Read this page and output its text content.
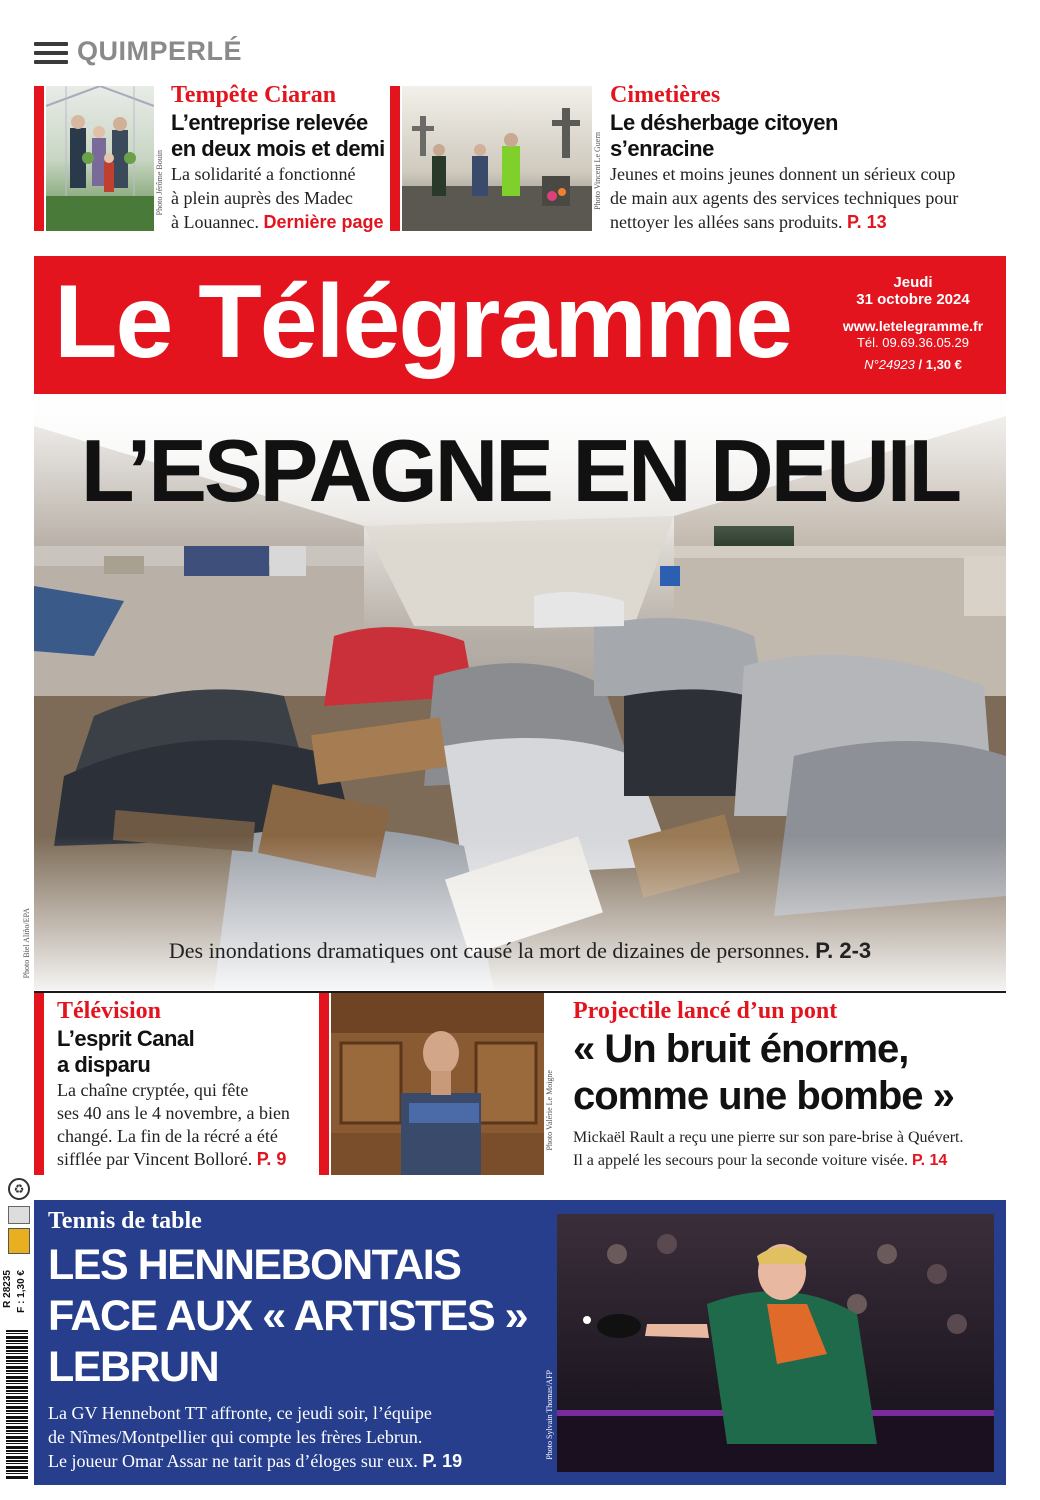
QUIMPERLÉ
Photo Jérôme Bouin
Tempête Ciaran
L’entreprise relevée
en deux mois et demi
La solidarité a fonctionné
à plein auprès des Madec
à Louannec. Dernière page
Photo Vincent Le Guern
Cimetières
Le désherbage citoyen
s’enracine
Jeunes et moins jeunes donnent un sérieux coup
de main aux agents des services techniques pour
nettoyer les allées sans produits. P. 13
Le Télégramme	Jeudi
31 octobre 2024
www.letelegramme.fr
Tél. 09.69.36.05.29
N°24923 / 1,30 €
L’ESPAGNE EN DEUIL
Des inondations dramatiques ont causé la mort de dizaines de personnes. P. 2-3
Photo Biel Aliño/EPA
Télévision
L’esprit Canal
a disparu
La chaîne cryptée, qui fête
ses 40 ans le 4 novembre, a bien
changé. La fin de la récré a été
sifflée par Vincent Bolloré. P. 9
Photo Valérie Le Moigne
Projectile lancé d’un pont
« Un bruit énorme,
comme une bombe »
Mickaël Rault a reçu une pierre sur son pare-brise à Quévert.
Il a appelé les secours pour la seconde voiture visée. P. 14
♻
R 28235 F : 1,30 €
Tennis de table
LES HENNEBONTAIS
FACE AUX « ARTISTES »
LEBRUN
La GV Hennebont TT affronte, ce jeudi soir, l’équipe
de Nîmes/Montpellier qui compte les frères Lebrun.
Le joueur Omar Assar ne tarit pas d’éloges sur eux. P. 19
Photo Sylvain Thomas/AFP
